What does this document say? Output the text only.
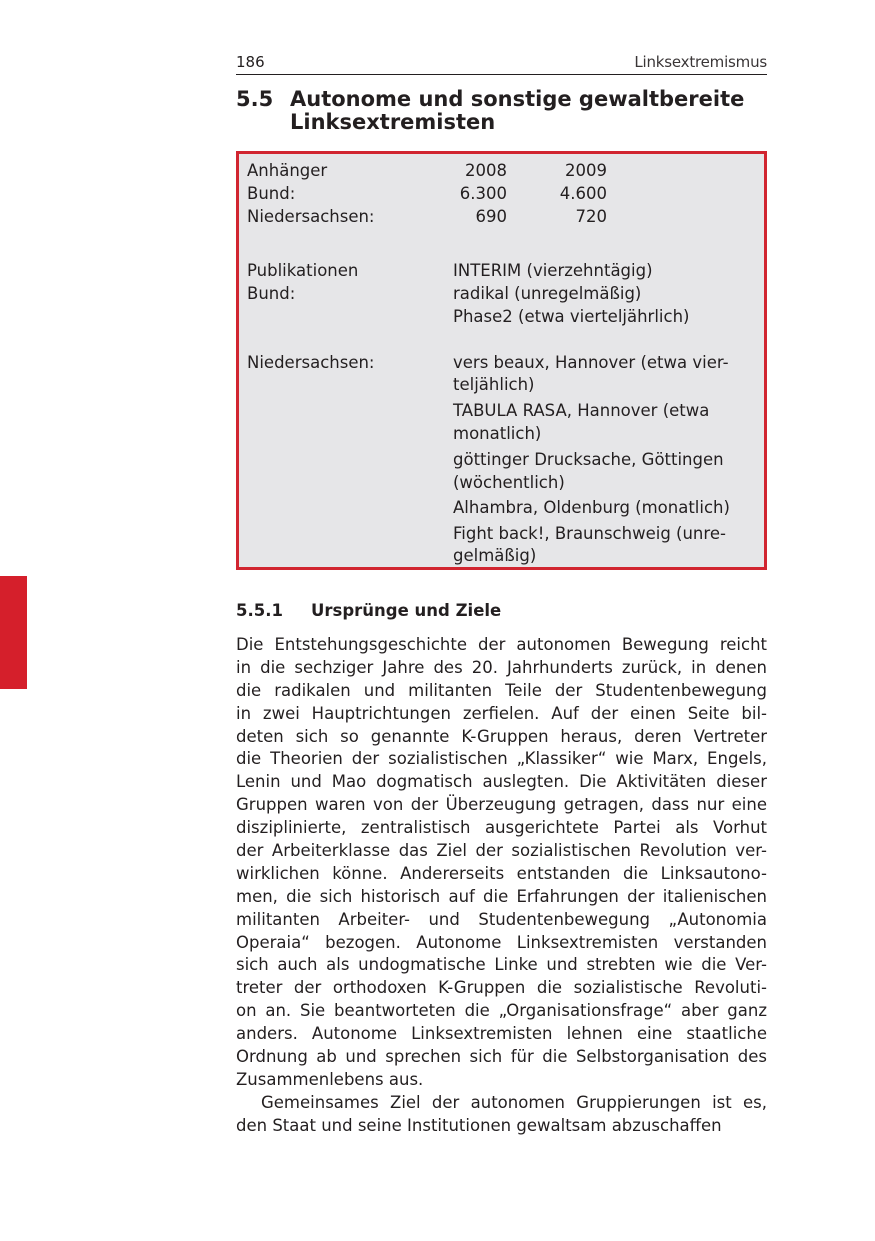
186	Linksextremismus
5.5 Autonome und sonstige gewaltbereite Linksextremisten
Anhänger	2008	2009
Bund:	6.300	4.600
Niedersachsen:	690	720
Publikationen	INTERIM (vierzehntägig)
Bund:	radikal (unregelmäßig)
Phase2 (etwa vierteljährlich)
Niedersachsen:	vers beaux, Hannover (etwa vier-
teljählich)
TABULA RASA, Hannover (etwa
monatlich)
göttinger Drucksache, Göttingen
(wöchentlich)
Alhambra, Oldenburg (monatlich)
Fight back!, Braunschweig (unre-
gelmäßig)
5.5.1 Ursprünge und Ziele
Die Entstehungsgeschichte der autonomen Bewegung reicht
in die sechziger Jahre des 20. Jahrhunderts zurück, in denen
die radikalen und militanten Teile der Studentenbewegung
in zwei Hauptrichtungen zerfielen. Auf der einen Seite bil-
deten sich so genannte K-Gruppen heraus, deren Vertreter
die Theorien der sozialistischen „Klassiker“ wie Marx, Engels,
Lenin und Mao dogmatisch auslegten. Die Aktivitäten dieser
Gruppen waren von der Überzeugung getragen, dass nur eine
disziplinierte, zentralistisch ausgerichtete Partei als Vorhut
der Arbeiterklasse das Ziel der sozialistischen Revolution ver-
wirklichen könne. Andererseits entstanden die Linksautono-
men, die sich historisch auf die Erfahrungen der italienischen
militanten Arbeiter- und Studentenbewegung „Autonomia
Operaia“ bezogen. Autonome Linksextremisten verstanden
sich auch als undogmatische Linke und strebten wie die Ver-
treter der orthodoxen K-Gruppen die sozialistische Revoluti-
on an. Sie beantworteten die „Organisationsfrage“ aber ganz
anders. Autonome Linksextremisten lehnen eine staatliche
Ordnung ab und sprechen sich für die Selbstorganisation des
Zusammenlebens aus.
Gemeinsames Ziel der autonomen Gruppierungen ist es,
den Staat und seine Institutionen gewaltsam abzuschaffen
